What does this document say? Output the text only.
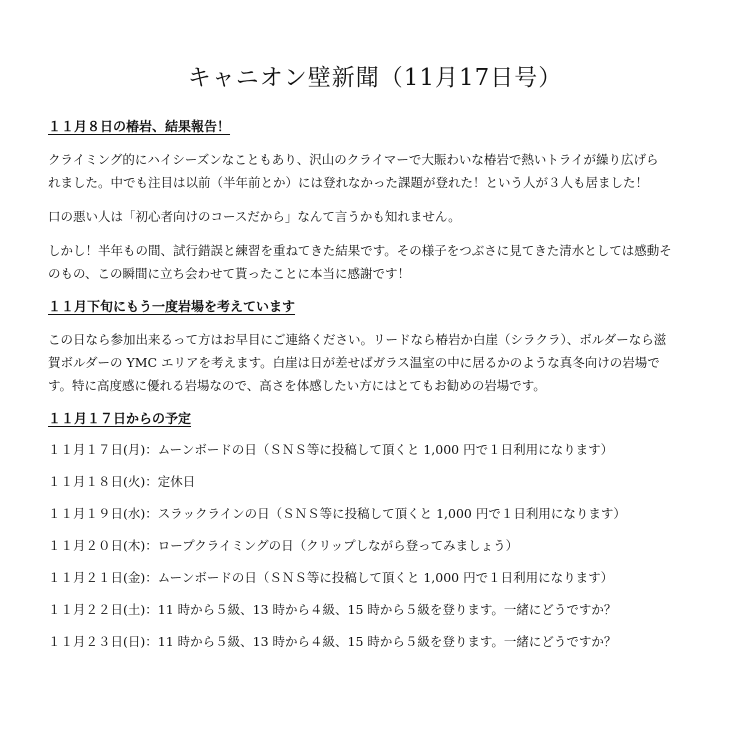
キャニオン壁新聞（11月17日号）
１１月８日の椿岩、結果報告！

クライミング的にハイシーズンなこともあり、沢山のクライマーで大賑わいな椿岩で熱いトライが繰り広げら
れました。中でも注目は以前（半年前とか）には登れなかった課題が登れた！という人が３人も居ました！

口の悪い人は「初心者向けのコースだから」なんて言うかも知れません。

しかし！半年もの間、試行錯誤と練習を重ねてきた結果です。その様子をつぶさに見てきた清水としては感動そ
のもの、この瞬間に立ち会わせて貰ったことに本当に感謝です！

１１月下旬にもう一度岩場を考えています

この日なら参加出来るって方はお早目にご連絡ください。リードなら椿岩か白崖（シラクラ）、ボルダーなら滋
賀ボルダーの YMC エリアを考えます。白崖は日が差せばガラス温室の中に居るかのような真冬向けの岩場で
す。特に高度感に優れる岩場なので、高さを体感したい方にはとてもお勧めの岩場です。

１１月１７日からの予定
１１月１７日(月)：ムーンボードの日（ＳＮＳ等に投稿して頂くと 1,000 円で１日利用になります）
１１月１８日(火)：定休日
１１月１９日(水)：スラックラインの日（ＳＮＳ等に投稿して頂くと 1,000 円で１日利用になります）
１１月２０日(木)：ロープクライミングの日（クリップしながら登ってみましょう）
１１月２１日(金)：ムーンボードの日（ＳＮＳ等に投稿して頂くと 1,000 円で１日利用になります）
１１月２２日(土)：11 時から５級、13 時から４級、15 時から５級を登ります。一緒にどうですか？
１１月２３日(日)：11 時から５級、13 時から４級、15 時から５級を登ります。一緒にどうですか？
